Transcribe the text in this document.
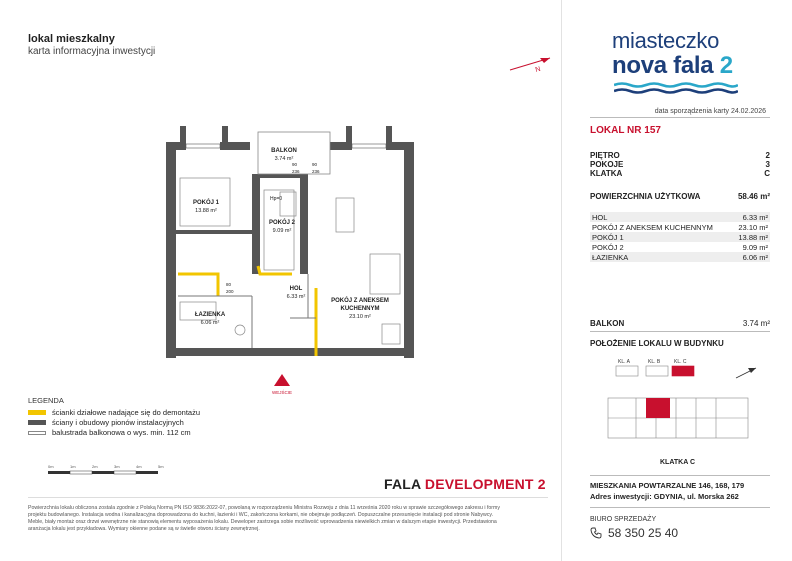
lokal mieszkalny
karta informacyjna inwestycji
N
BALKON
3.74 m²
POKÓJ 1
13.88 m²
POKÓJ 2
9.09 m²
HOL
6.33 m²
ŁAZIENKA
6.06 m²
POKÓJ Z ANEKSEM
KUCHENNYM
23.10 m²
Hp=0
80
200
90
236
90
236
WEJŚCIE
miasteczko
nova fala 2
data sporządzenia karty 24.02.2026
LOKAL NR 157
PIĘTRO	2
POKOJE	3
KLATKA	C
POWIERZCHNIA UŻYTKOWA	58.46 m²
HOL	6.33 m²
POKÓJ Z ANEKSEM KUCHENNYM	23.10 m²
POKÓJ 1	13.88 m²
POKÓJ 2	9.09 m²
ŁAZIENKA	6.06 m²
BALKON	3.74 m²
POŁOŻENIE LOKALU W BUDYNKU
KL. A	KL. B	KL. C
KLATKA C
LEGENDA
ścianki działowe nadające się do demontażu
ściany i obudowy pionów instalacyjnych
balustrada balkonowa o wys. min. 112 cm
0m	1m	2m	3m	4m	5m
FALA DEVELOPMENT 2
Powierzchnia lokalu obliczona zostala zgodnie z Polską Normą PN ISO 9836:2022-07, powolaną w rozporządzeniu Ministra Rozwoju z dnia 11 września 2020 roku w sprawie szczegółowego zakresu i formy projektu budowlanego. Instalacja wodna i kanalizacyjna doprowadzona do kuchni, łazienki i WC, zakończona korkami, nie obejmuje podłączeń. Dopuszczalne przesunięcie instalacji pod stronie Nabywcy. Meble, biały montaż oraz drzwi wewnętrzne nie stanowią elementu wyposażenia lokalu. Deweloper zastrzega sobie możliwość wprowadzenia niewielkich zmian w dalszym etapie inwestycji. Przedstawiona aranżacja lokalu jest przykładowa. Wymiary okienne podane są w świetle otworu ściany zewnętrznej.
MIESZKANIA POWTARZALNE 146, 168, 179
Adres inwestycji: GDYNIA, ul. Morska 262
BIURO SPRZEDAŻY
58 350 25 40
